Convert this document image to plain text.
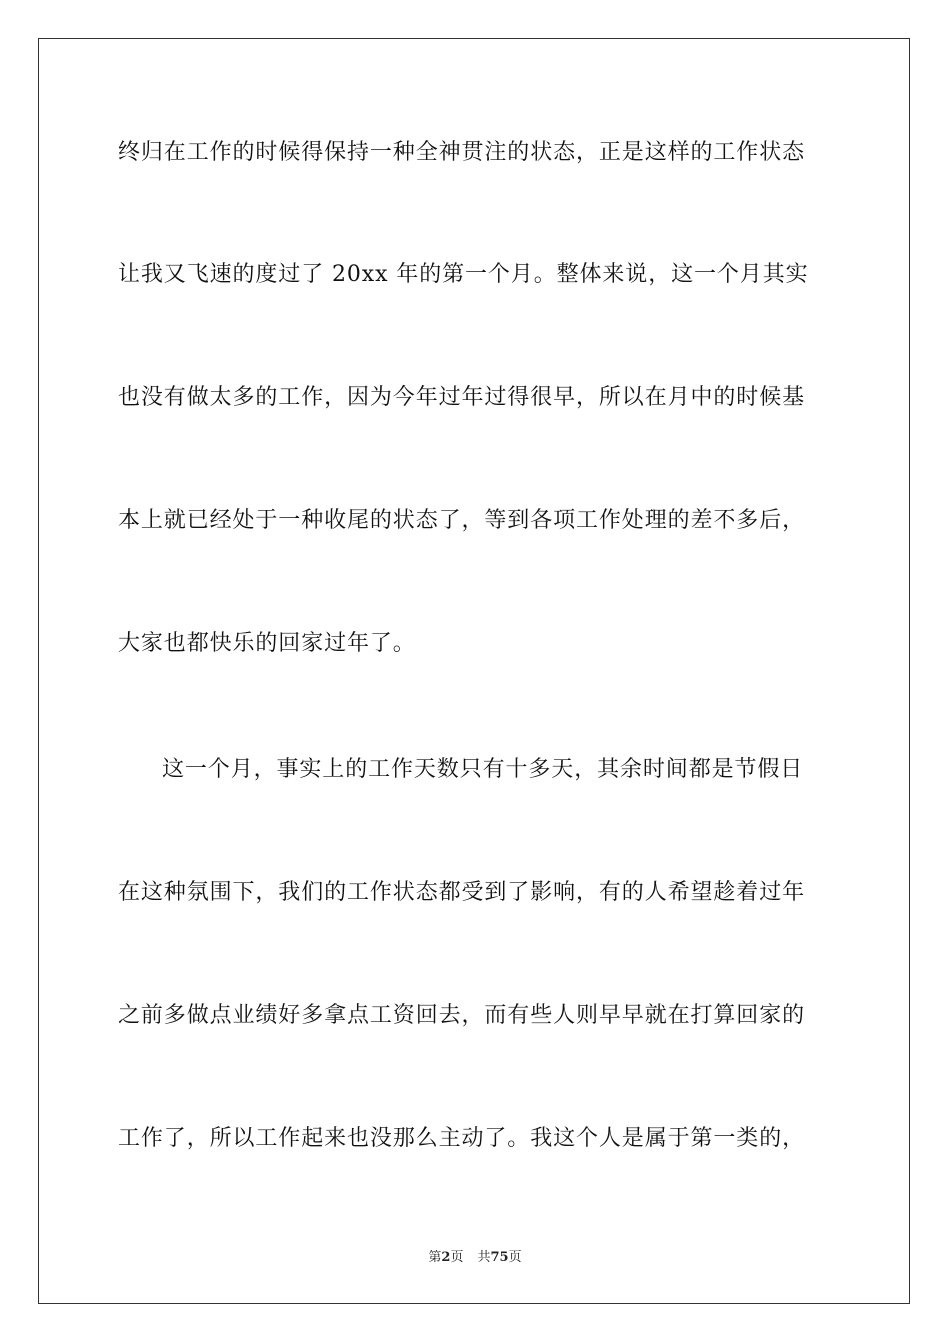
终归在工作的时候得保持一种全神贯注的状态，正是这样的工作状态
让我又飞速的度过了 20xx 年的第一个月。整体来说，这一个月其实
也没有做太多的工作，因为今年过年过得很早，所以在月中的时候基
本上就已经处于一种收尾的状态了，等到各项工作处理的差不多后，
大家也都快乐的回家过年了。
这一个月，事实上的工作天数只有十多天，其余时间都是节假日
在这种氛围下，我们的工作状态都受到了影响，有的人希望趁着过年
之前多做点业绩好多拿点工资回去，而有些人则早早就在打算回家的
工作了，所以工作起来也没那么主动了。我这个人是属于第一类的，
第2页 共75页
